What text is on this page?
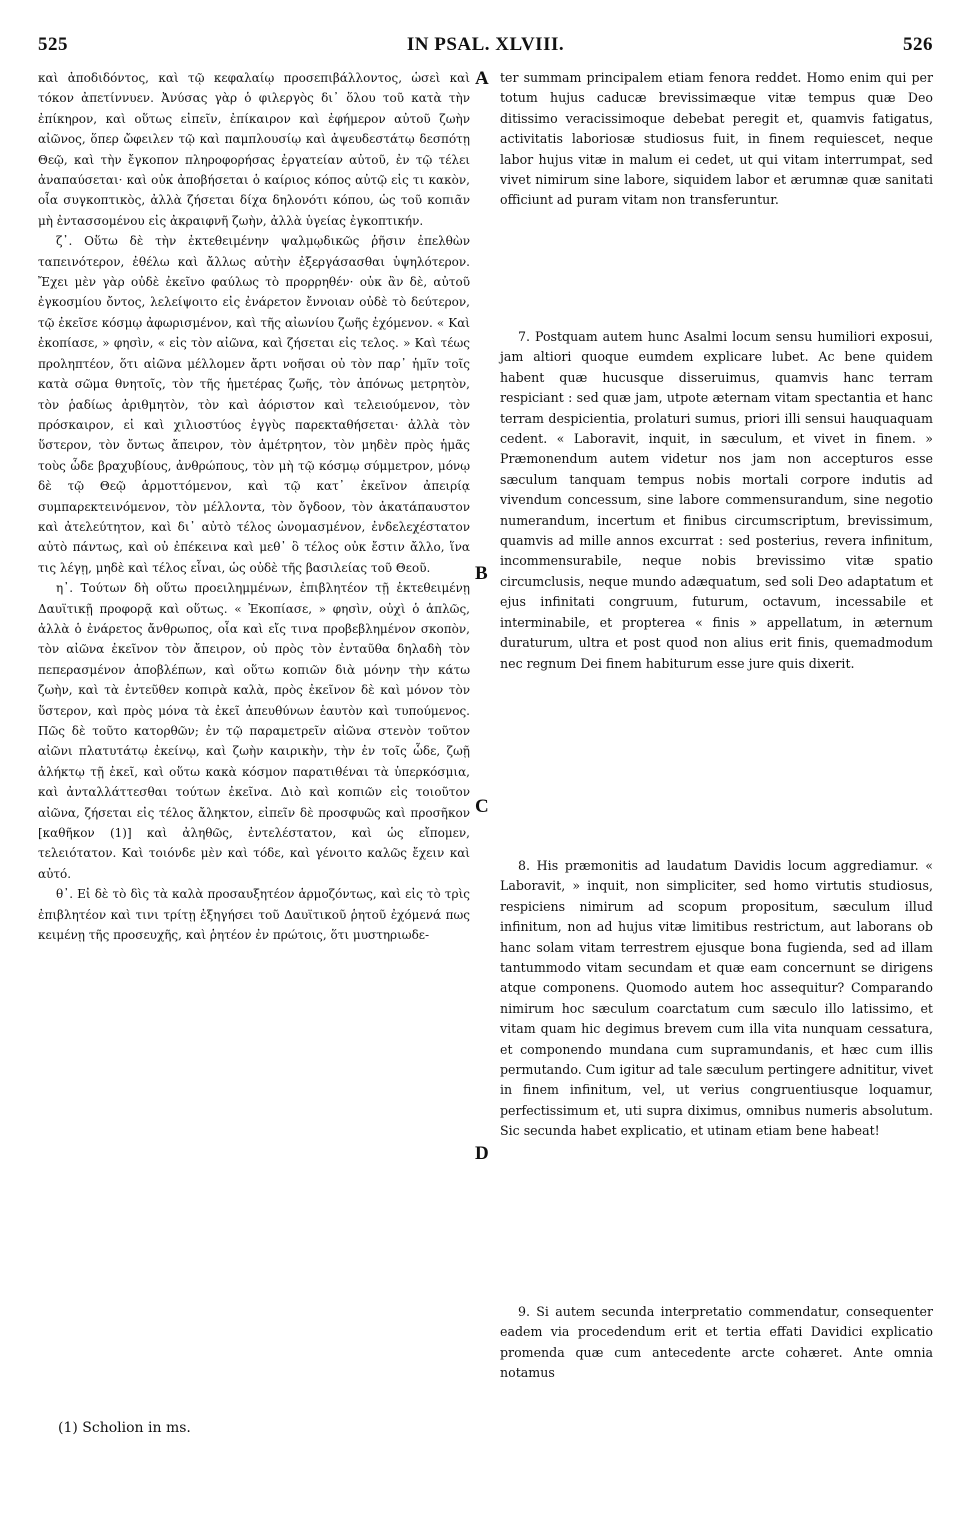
525	IN PSAL. XLVIII.	526

καὶ ἀποδιδόντος, καὶ τῷ κεφαλαίῳ προσεπιβάλλοντος, ὡσεὶ καὶ τόκον ἀπετίννυεν. Ἀνύσας γὰρ ὁ φιλεργὸς δι᾽ ὅλου τοῦ κατὰ τὴν ἐπίκηρον, καὶ οὕτως εἰπεῖν, ἐπίκαιρον καὶ ἐφήμερον αὐτοῦ ζωὴν αἰῶνος, ὅπερ ὤφειλεν τῷ καὶ παμπλουσίῳ καὶ ἀψευδεστάτῳ δεσπότῃ Θεῷ, καὶ τὴν ἔγκοπον πληροφορήσας ἐργατείαν αὐτοῦ, ἐν τῷ τέλει ἀναπαύσεται· καὶ οὐκ ἀποβήσεται ὁ καίριος κόπος αὐτῷ εἰς τι κακὸν, οἷα συγκοπτικὸς, ἀλλὰ ζήσεται δίχα δηλονότι κόπου, ὡς τοῦ κοπιᾶν μὴ ἐντασσομένου εἰς ἀκραιφνῆ ζωὴν, ἀλλὰ ὑγείας ἐγκοπτικήν.

ζ᾽. Οὕτω δὲ τὴν ἐκτεθειμένην ψαλμῳδικῶς ῥῆσιν ἐπελθὼν ταπεινότερον, ἐθέλω καὶ ἄλλως αὐτὴν ἐξεργάσασθαι ὑψηλότερον. Ἔχει μὲν γὰρ οὐδὲ ἐκεῖνο φαύλως τὸ προρρηθέν· οὐκ ἂν δὲ, αὐτοῦ ἐγκοσμίου ὄντος, λελείψοιτο εἰς ἐνάρετον ἔννοιαν οὐδὲ τὸ δεύτερον, τῷ ἐκεῖσε κόσμῳ ἀφωρισμένον, καὶ τῆς αἰωνίου ζωῆς ἐχόμενον. « Καὶ ἐκοπίασε, » φησὶν, « εἰς τὸν αἰῶνα, καὶ ζήσεται εἰς τελος. » Καὶ τέως προληπτέον, ὅτι αἰῶνα μέλλομεν ἄρτι νοῆσαι οὐ τὸν παρ᾽ ἡμῖν τοῖς κατὰ σῶμα θνητοῖς, τὸν τῆς ἡμετέρας ζωῆς, τὸν ἀπόνως μετρητὸν, τὸν ῥαδίως ἀριθμητὸν, τὸν καὶ ἀόριστον καὶ τελειούμενον, τὸν πρόσκαιρον, εἰ καὶ χιλιοστύος ἐγγὺς παρεκταθήσεται· ἀλλὰ τὸν ὕστερον, τὸν ὄντως ἄπειρον, τὸν ἀμέτρητον, τὸν μηδὲν πρὸς ἡμᾶς τοὺς ὧδε βραχυβίους, ἀνθρώπους, τὸν μὴ τῷ κόσμῳ σύμμετρον, μόνῳ δὲ τῷ Θεῷ ἁρμοττόμενον, καὶ τῷ κατ᾽ ἐκεῖνον ἀπειρίᾳ συμπαρεκτεινόμενον, τὸν μέλλοντα, τὸν ὄγδοον, τὸν ἀκατάπαυστον καὶ ἀτελεύτητον, καὶ δι᾽ αὐτὸ τέλος ὠνομασμένον, ἐνδελεχέστατον αὐτὸ πάντως, καὶ οὐ ἐπέκεινα καὶ μεθ᾽ ὃ τέλος οὐκ ἔστιν ἄλλο, ἵνα τις λέγῃ, μηδὲ καὶ τέλος εἶναι, ὡς οὐδὲ τῆς βασιλείας τοῦ Θεοῦ.

η᾽. Τούτων δὴ οὕτω προειλημμένων, ἐπιβλητέον τῇ ἐκτεθειμένῃ Δαυϊτικῇ προφορᾷ καὶ οὕτως. « Ἐκοπίασε, » φησὶν, οὐχὶ ὁ ἁπλῶς, ἀλλὰ ὁ ἐνάρετος ἄνθρωπος, οἷα καὶ εἴς τινα προβεβλημένον σκοπὸν, τὸν αἰῶνα ἐκεῖνον τὸν ἄπειρον, οὐ πρὸς τὸν ἐνταῦθα δηλαδὴ τὸν πεπερασμένον ἀποβλέπων, καὶ οὕτω κοπιῶν διὰ μόνην τὴν κάτω ζωὴν, καὶ τὰ ἐντεῦθεν κοπιρὰ καλὰ, πρὸς ἐκεῖνον δὲ καὶ μόνον τὸν ὕστερον, καὶ πρὸς μόνα τὰ ἐκεῖ ἀπευθύνων ἑαυτὸν καὶ τυπούμενος. Πῶς δὲ τοῦτο κατορθῶν; ἐν τῷ παραμετρεῖν αἰῶνα στενὸν τοῦτον αἰῶνι πλατυτάτῳ ἐκείνῳ, καὶ ζωὴν καιρικὴν, τὴν ἐν τοῖς ὧδε, ζωῇ ἀλήκτῳ τῇ ἐκεῖ, καὶ οὕτω κακὰ κόσμον παρατιθέναι τὰ ὑπερκόσμια, καὶ ἀνταλλάττεσθαι τούτων ἐκεῖνα. Διὸ καὶ κοπιῶν εἰς τοιοῦτον αἰῶνα, ζήσεται εἰς τέλος ἄληκτον, εἰπεῖν δὲ προσφυῶς καὶ προσῆκον [καθῆκον (1)] καὶ ἀληθῶς, ἐντελέστατον, καὶ ὡς εἴπομεν, τελειότατον. Καὶ τοιόνδε μὲν καὶ τόδε, καὶ γένοιτο καλῶς ἔχειν καὶ αὐτό.

θ᾽. Εἰ δὲ τὸ δὶς τὰ καλὰ προσαυξητέον ἁρμοζόντως, καὶ εἰς τὸ τρὶς ἐπιβλητέον καὶ τινι τρίτῃ ἐξηγήσει τοῦ Δαυϊτικοῦ ῥητοῦ ἐχόμενά πως κειμένῃ τῆς προσευχῆς, καὶ ῥητέον ἐν πρώτοις, ὅτι μυστηριωδε-

A
B
C
D

ter summam principalem etiam fenora reddet. Homo enim qui per totum hujus caducæ brevissimæque vitæ tempus quæ Deo ditissimo veracissimoque debebat peregit et, quamvis fatigatus, activitatis laboriosæ studiosus fuit, in finem requiescet, neque labor hujus vitæ in malum ei cedet, ut qui vitam interrumpat, sed vivet nimirum sine labore, siquidem labor et ærumnæ quæ sanitati officiunt ad puram vitam non transferuntur.

7. Postquam autem hunc Asalmi locum sensu humiliori exposui, jam altiori quoque eumdem explicare lubet. Ac bene quidem habent quæ hucusque disseruimus, quamvis hanc terram respiciant : sed quæ jam, utpote æternam vitam spectantia et hanc terram despicientia, prolaturi sumus, priori illi sensui hauquaquam cedent. « Laboravit, inquit, in sæculum, et vivet in finem. » Præmonendum autem videtur nos jam non accepturos esse sæculum tanquam tempus nobis mortali corpore indutis ad vivendum concessum, sine labore commensurandum, sine negotio numerandum, incertum et finibus circumscriptum, brevissimum, quamvis ad mille annos excurrat : sed posterius, revera infinitum, incommensurabile, neque nobis brevissimo vitæ spatio circumclusis, neque mundo adæquatum, sed soli Deo adaptatum et ejus infinitati congruum, futurum, octavum, incessabile et interminabile, et propterea « finis » appellatum, in æternum duraturum, ultra et post quod non alius erit finis, quemadmodum nec regnum Dei finem habiturum esse jure quis dixerit.

8. His præmonitis ad laudatum Davidis locum aggrediamur. « Laboravit, » inquit, non simpliciter, sed homo virtutis studiosus, respiciens nimirum ad scopum propositum, sæculum illud infinitum, non ad hujus vitæ limitibus restrictum, aut laborans ob hanc solam vitam terrestrem ejusque bona fugienda, sed ad illam tantummodo vitam secundam et quæ eam concernunt se dirigens atque componens. Quomodo autem hoc assequitur? Comparando nimirum hoc sæculum coarctatum cum sæculo illo latissimo, et vitam quam hic degimus brevem cum illa vita nunquam cessatura, et componendo mundana cum supramundanis, et hæc cum illis permutando. Cum igitur ad tale sæculum pertingere adnititur, vivet in finem infinitum, vel, ut verius congruentiusque loquamur, perfectissimum et, uti supra diximus, omnibus numeris absolutum. Sic secunda habet explicatio, et utinam etiam bene habeat!

9. Si autem secunda interpretatio commendatur, consequenter eadem via procedendum erit et tertia effati Davidici explicatio promenda quæ cum antecedente arcte cohæret. Ante omnia notamus

(1) Scholion in ms.
